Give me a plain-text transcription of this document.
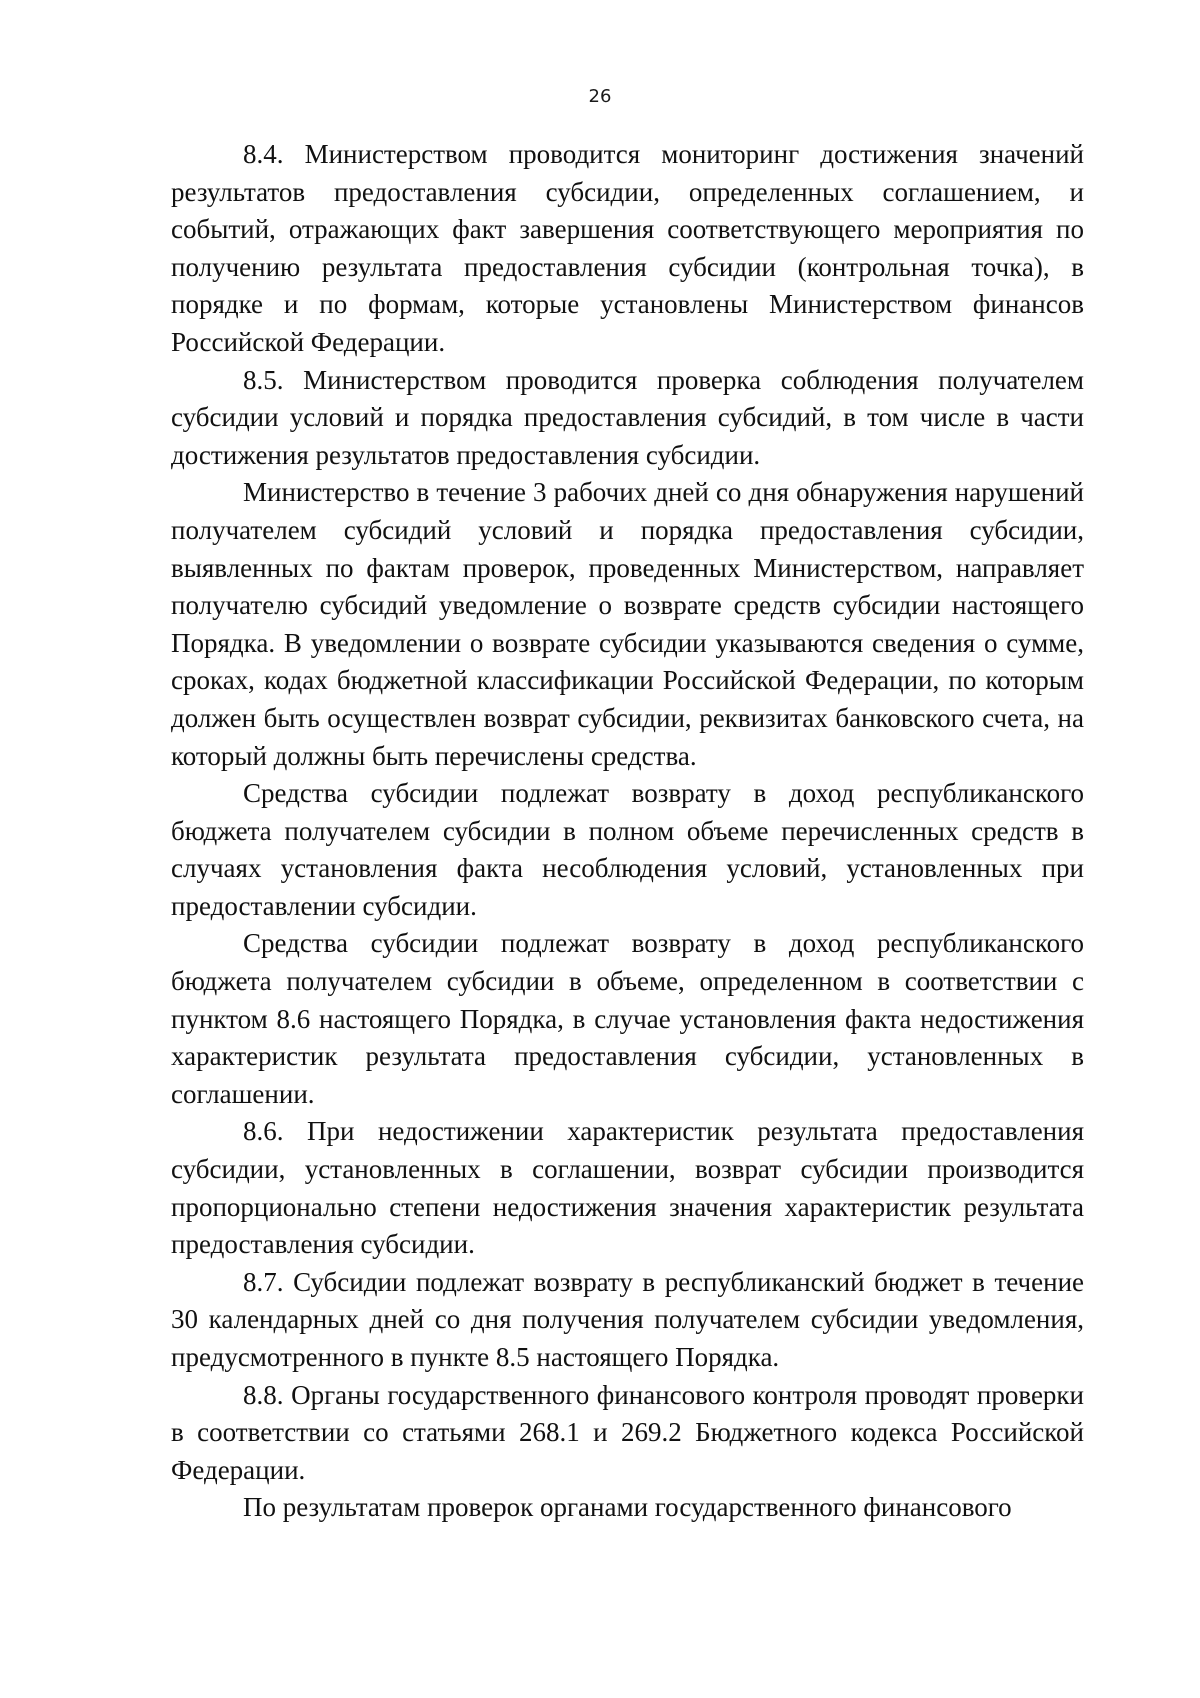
26

8.4. Министерством проводится мониторинг достижения значений результатов предоставления субсидии, определенных соглашением, и событий, отражающих факт завершения соответствующего мероприятия по получению результата предоставления субсидии (контрольная точка), в порядке и по формам, которые установлены Министерством финансов Российской Федерации.

8.5. Министерством проводится проверка соблюдения получателем субсидии условий и порядка предоставления субсидий, в том числе в части достижения результатов предоставления субсидии.

Министерство в течение 3 рабочих дней со дня обнаружения нарушений получателем субсидий условий и порядка предоставления субсидии, выявленных по фактам проверок, проведенных Министерством, направляет получателю субсидий уведомление о возврате средств субсидии настоящего Порядка. В уведомлении о возврате субсидии указываются сведения о сумме, сроках, кодах бюджетной классификации Российской Федерации, по которым должен быть осуществлен возврат субсидии, реквизитах банковского счета, на который должны быть перечислены средства.

Средства субсидии подлежат возврату в доход республиканского бюджета получателем субсидии в полном объеме перечисленных средств в случаях установления факта несоблюдения условий, установленных при предоставлении субсидии.

Средства субсидии подлежат возврату в доход республиканского бюджета получателем субсидии в объеме, определенном в соответствии с пунктом 8.6 настоящего Порядка, в случае установления факта недостижения характеристик результата предоставления субсидии, установленных в соглашении.

8.6. При недостижении характеристик результата предоставления субсидии, установленных в соглашении, возврат субсидии производится пропорционально степени недостижения значения характеристик результата предоставления субсидии.

8.7. Субсидии подлежат возврату в республиканский бюджет в течение 30 календарных дней со дня получения получателем субсидии уведомления, предусмотренного в пункте 8.5 настоящего Порядка.

8.8. Органы государственного финансового контроля проводят проверки в соответствии со статьями 268.1 и 269.2 Бюджетного кодекса Российской Федерации.

По результатам проверок органами государственного финансового
